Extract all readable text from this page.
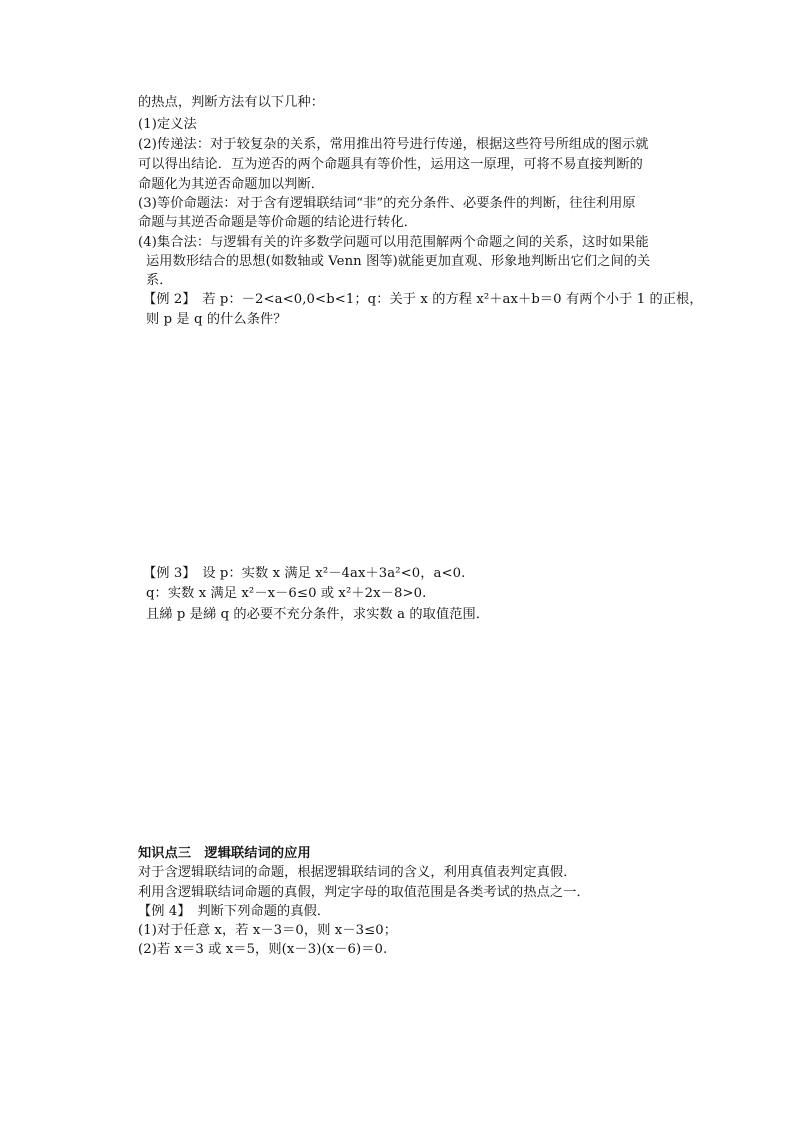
的热点，判断方法有以下几种：

(1)定义法

(2)传递法：对于较复杂的关系，常用推出符号进行传递，根据这些符号所组成的图示就

可以得出结论．互为逆否的两个命题具有等价性，运用这一原理，可将不易直接判断的

命题化为其逆否命题加以判断．

(3)等价命题法：对于含有逻辑联结词“非”的充分条件、必要条件的判断，往往利用原

命题与其逆否命题是等价命题的结论进行转化．

(4)集合法：与逻辑有关的许多数学问题可以用范围解两个命题之间的关系，这时如果能

运用数形结合的思想(如数轴或 Venn 图等)就能更加直观、形象地判断出它们之间的关

系．

【例 2】　若 p：－2<a<0,0<b<1；q：关于 x 的方程 x²＋ax＋b＝0 有两个小于 1 的正根，

则 p 是 q 的什么条件？

【例 3】　设 p：实数 x 满足 x²－4ax＋3a²<0，a<0.

q：实数 x 满足 x²－x－6≤0 或 x²＋2x－8>0.

且綈 p 是綈 q 的必要不充分条件，求实数 a 的取值范围．

知识点三　逻辑联结词的应用

对于含逻辑联结词的命题，根据逻辑联结词的含义，利用真值表判定真假．

利用含逻辑联结词命题的真假，判定字母的取值范围是各类考试的热点之一．

【例 4】　判断下列命题的真假．

(1)对于任意 x，若 x－3＝0，则 x－3≤0；

(2)若 x＝3 或 x＝5，则(x－3)(x－6)＝0.
